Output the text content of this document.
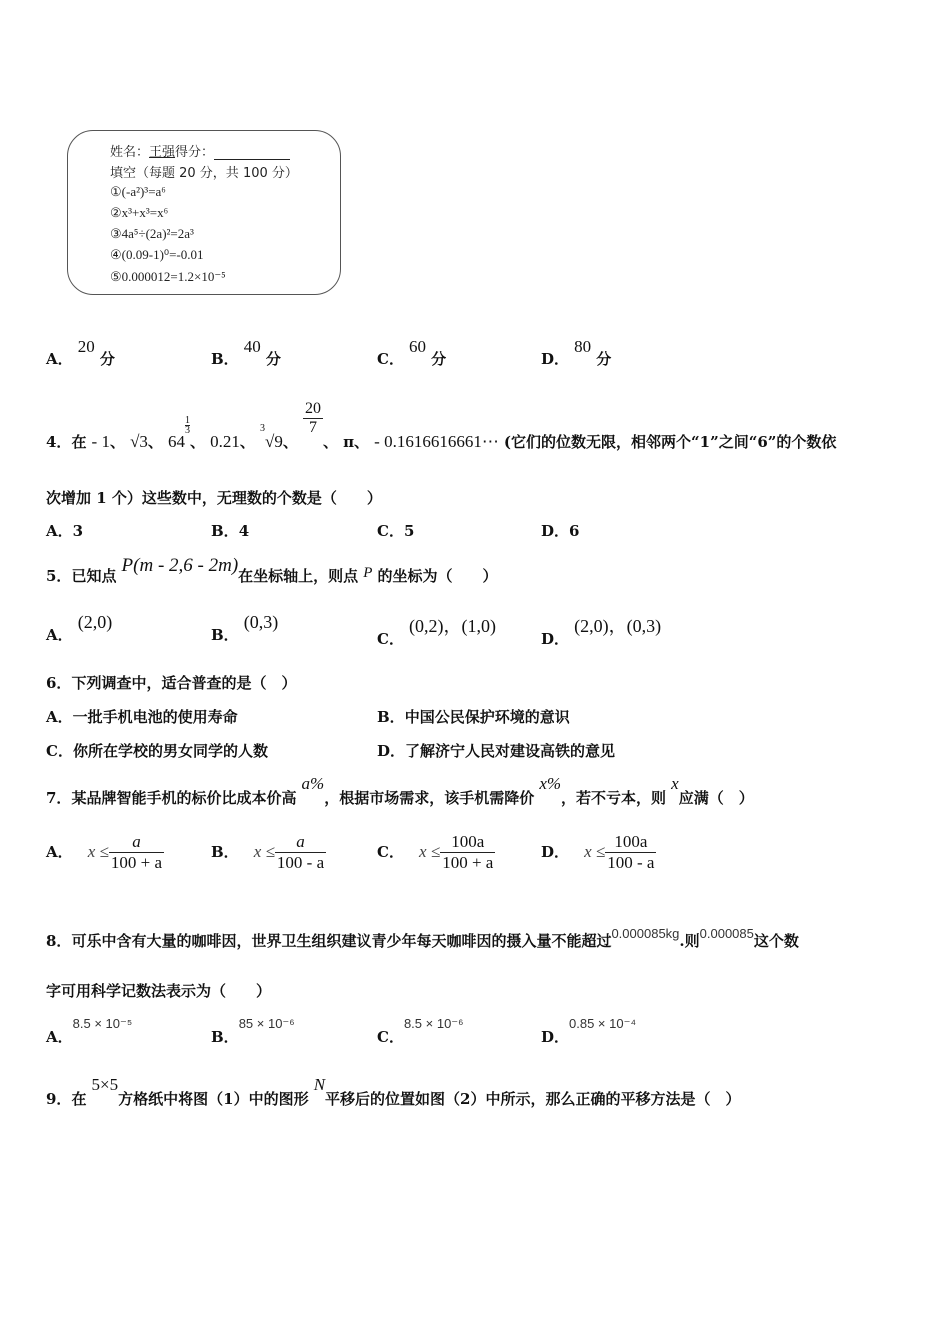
姓名：王强得分：
填空（每题 20 分，共 100 分）
①(-a²)³=a⁶
②x³+x³=x⁶
③4a⁵÷(2a)²=2a³
④(0.09-1)⁰=-0.01
⑤0.000012=1.2×10⁻⁵
A． 20 分	B． 40 分	C． 60 分	D． 80 分
4．在 - 1、 √3、 64
$\frac{1}{3}$
、 0.21、 $^3$√9、
$\frac{20}{7}$
、 π、 - 0.1616616661⋯ (它们的位数无限，相邻两个“1”之间“6”的个数依
次增加 1 个）这些数中，无理数的个数是（　　）
A．3	B．4	C．5	D．6
5．已知点 P(m - 2,6 - 2m)在坐标轴上，则点 P 的坐标为（　　）
A． (2,0)
B． (0,3)
C． (0,2)，(1,0)
D． (2,0)，(0,3)
6．下列调查中，适合普查的是（　）
A．一批手机电池的使用寿命	B．中国公民保护环境的意识
C．你所在学校的男女同学的人数	D．了解济宁人民对建设高铁的意见
7．某品牌智能手机的标价比成本价高 a%，根据市场需求，该手机需降价 x%，若不亏本，则 x应满（　）
A． $x \le \frac{a}{100 + a}$	B． $x \le \frac{a}{100 - a}$	C． $x \le \frac{100a}{100 + a}$	D． $x \le \frac{100a}{100 - a}$
8．可乐中含有大量的咖啡因，世界卫生组织建议青少年每天咖啡因的摄入量不能超过0.000085kg.则0.000085这个数
字可用科学记数法表示为（　　）
A．8.5 × 10⁻⁵
B．85 × 10⁻⁶
C．8.5 × 10⁻⁶
D．0.85 × 10⁻⁴
9．在 5×5方格纸中将图（1）中的图形 N平移后的位置如图（2）中所示，那么正确的平移方法是（　）
